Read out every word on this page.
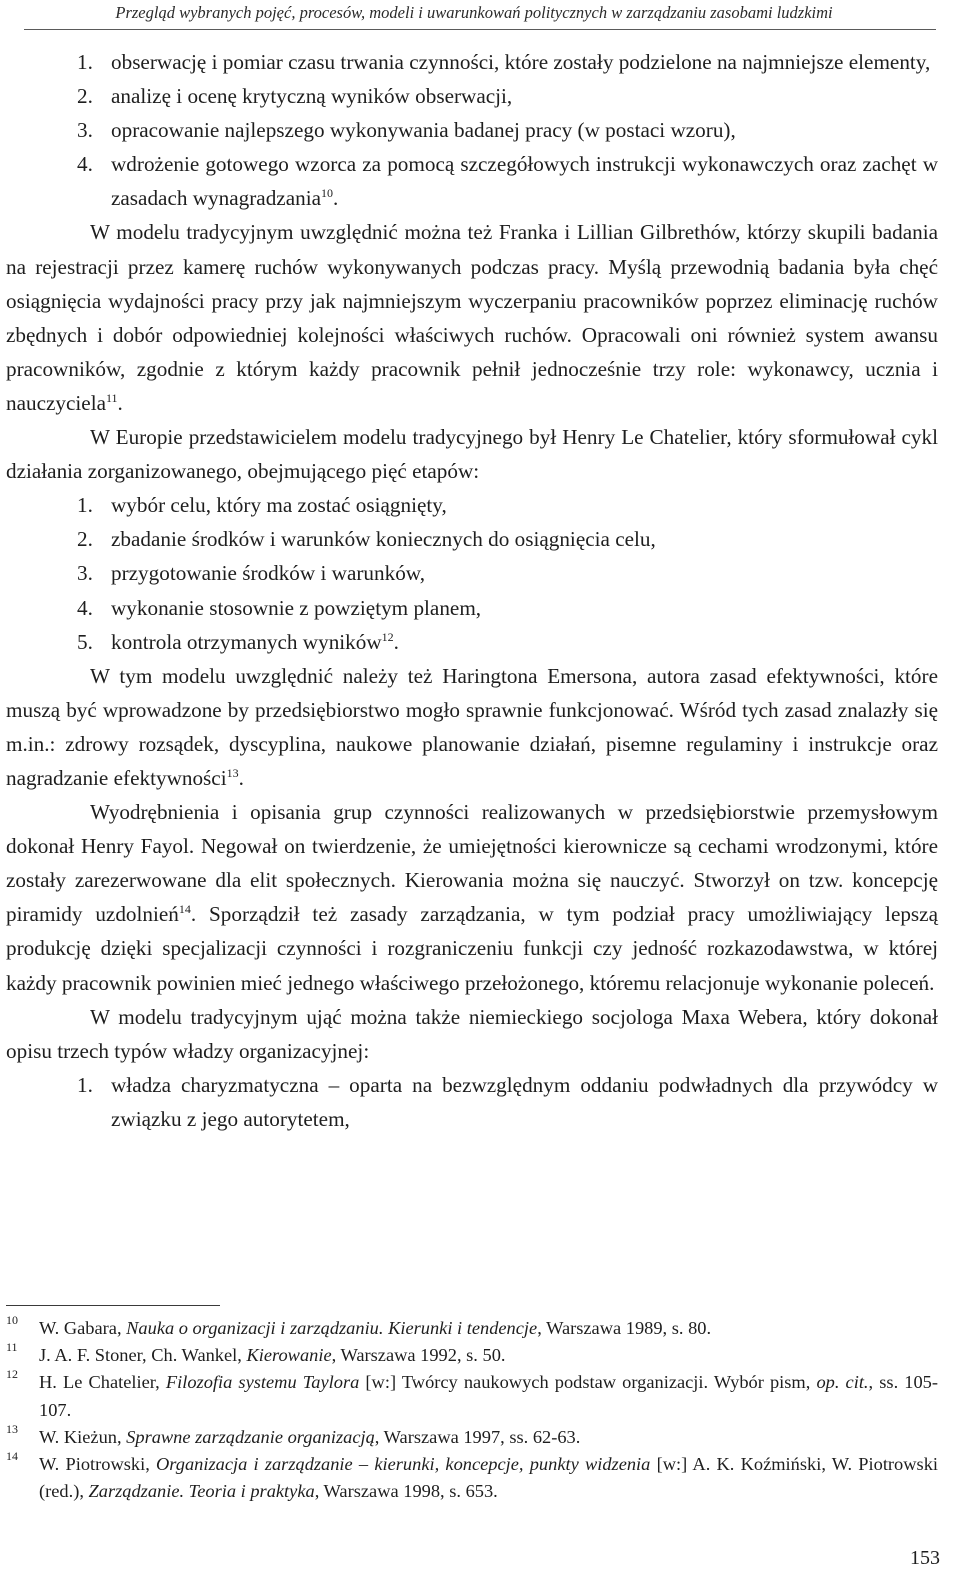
Przegląd wybranych pojęć, procesów, modeli i uwarunkowań politycznych w zarządzaniu zasobami ludzkimi
1. obserwację i pomiar czasu trwania czynności, które zostały podzielone na najmniejsze elementy,
2. analizę i ocenę krytyczną wyników obserwacji,
3. opracowanie najlepszego wykonywania badanej pracy (w postaci wzoru),
4. wdrożenie gotowego wzorca za pomocą szczegółowych instrukcji wykonawczych oraz zachęt w zasadach wynagradzania$^{10}$.

W modelu tradycyjnym uwzględnić można też Franka i Lillian Gilbrethów, którzy skupili badania na rejestracji przez kamerę ruchów wykonywanych podczas pracy. Myślą przewodnią badania była chęć osiągnięcia wydajności pracy przy jak najmniejszym wyczerpaniu pracowników poprzez eliminację ruchów zbędnych i dobór odpowiedniej kolejności właściwych ruchów. Opracowali oni również system awansu pracowników, zgodnie z którym każdy pracownik pełnił jednocześnie trzy role: wykonawcy, ucznia i nauczyciela$^{11}$.

W Europie przedstawicielem modelu tradycyjnego był Henry Le Chatelier, który sformułował cykl działania zorganizowanego, obejmującego pięć etapów:

1. wybór celu, który ma zostać osiągnięty,
2. zbadanie środków i warunków koniecznych do osiągnięcia celu,
3. przygotowanie środków i warunków,
4. wykonanie stosownie z powziętym planem,
5. kontrola otrzymanych wyników$^{12}$.

W tym modelu uwzględnić należy też Haringtona Emersona, autora zasad efektywności, które muszą być wprowadzone by przedsiębiorstwo mogło sprawnie funkcjonować. Wśród tych zasad znalazły się m.in.: zdrowy rozsądek, dyscyplina, naukowe planowanie działań, pisemne regulaminy i instrukcje oraz nagradzanie efektywności$^{13}$.

Wyodrębnienia i opisania grup czynności realizowanych w przedsiębiorstwie przemysłowym dokonał Henry Fayol. Negował on twierdzenie, że umiejętności kierownicze są cechami wrodzonymi, które zostały zarezerwowane dla elit społecznych. Kierowania można się nauczyć. Stworzył on tzw. koncepcję piramidy uzdolnień$^{14}$. Sporządził też zasady zarządzania, w tym podział pracy umożliwiający lepszą produkcję dzięki specjalizacji czynności i rozgraniczeniu funkcji czy jedność rozkazodawstwa, w której każdy pracownik powinien mieć jednego właściwego przełożonego, któremu relacjonuje wykonanie poleceń.

W modelu tradycyjnym ująć można także niemieckiego socjologa Maxa Webera, który dokonał opisu trzech typów władzy organizacyjnej:

1. władza charyzmatyczna – oparta na bezwzględnym oddaniu podwładnych dla przywódcy w związku z jego autorytetem,

10 W. Gabara, Nauka o organizacji i zarządzaniu. Kierunki i tendencje, Warszawa 1989, s. 80.

11 J. A. F. Stoner, Ch. Wankel, Kierowanie, Warszawa 1992, s. 50.

12 H. Le Chatelier, Filozofia systemu Taylora [w:] Twórcy naukowych podstaw organizacji. Wybór pism, op. cit., ss. 105-107.

13 W. Kieżun, Sprawne zarządzanie organizacją, Warszawa 1997, ss. 62-63.

14 W. Piotrowski, Organizacja i zarządzanie – kierunki, koncepcje, punkty widzenia [w:] A. K. Koźmiński, W. Piotrowski (red.), Zarządzanie. Teoria i praktyka, Warszawa 1998, s. 653.

153
